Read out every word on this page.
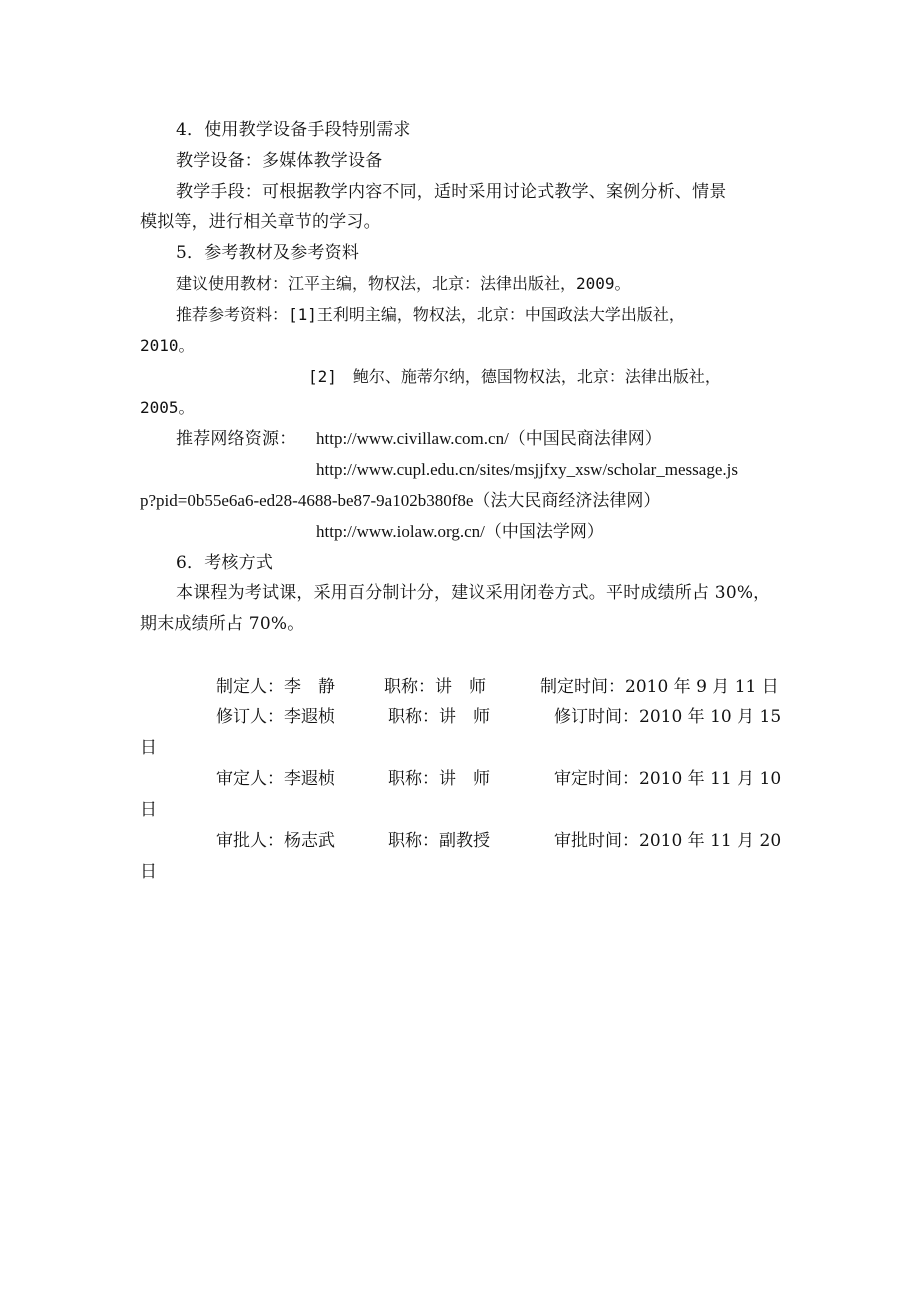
4．使用教学设备手段特别需求
教学设备：多媒体教学设备
教学手段：可根据教学内容不同，适时采用讨论式教学、案例分析、情景
模拟等，进行相关章节的学习。
5．参考教材及参考资料
建议使用教材：江平主编，物权法，北京：法律出版社，2009。
推荐参考资料：[1]王利明主编，物权法，北京：中国政法大学出版社，
2010。
[2]　鲍尔、施蒂尔纳，德国物权法，北京：法律出版社，
2005。
推荐网络资源： http://www.civillaw.com.cn/（中国民商法律网）
http://www.cupl.edu.cn/sites/msjjfxy_xsw/scholar_message.js
p?pid=0b55e6a6-ed28-4688-be87-9a102b380f8e（法大民商经济法律网）
http://www.iolaw.org.cn/（中国法学网）
6．考核方式
本课程为考试课，采用百分制计分，建议采用闭卷方式。平时成绩所占 30%，
期末成绩所占 70%。
制定人：李　静	职称：讲　师	制定时间：2010 年 9 月 11 日
修订人：李遐桢	职称：讲　师	修订时间：2010 年 10 月 15
日
审定人：李遐桢	职称：讲　师	审定时间：2010 年 11 月 10
日
审批人：杨志武	职称：副教授	审批时间：2010 年 11 月 20
日
